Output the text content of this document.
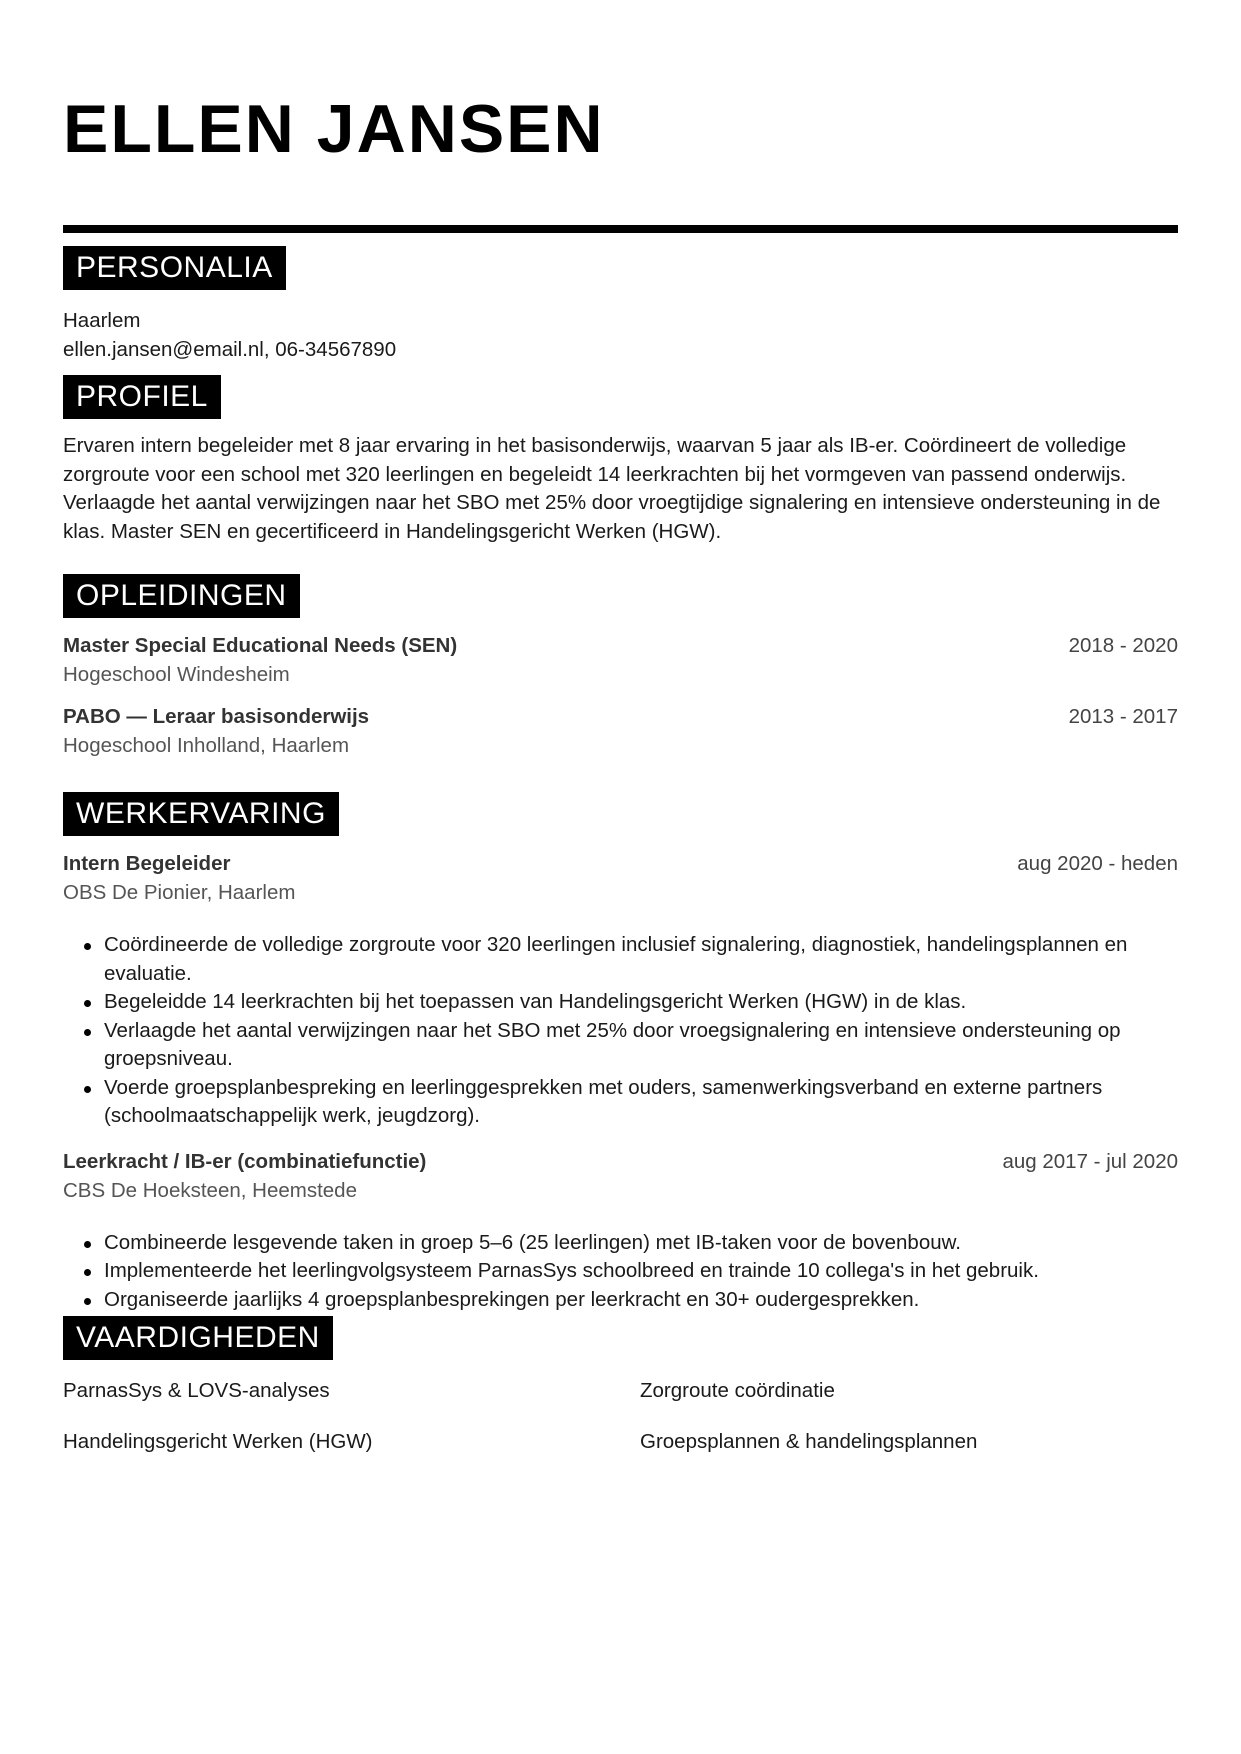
ELLEN JANSEN
PERSONALIA
Haarlem
ellen.jansen@email.nl, 06-34567890
PROFIEL
Ervaren intern begeleider met 8 jaar ervaring in het basisonderwijs, waarvan 5 jaar als IB-er. Coördineert de volledige zorgroute voor een school met 320 leerlingen en begeleidt 14 leerkrachten bij het vormgeven van passend onderwijs. Verlaagde het aantal verwijzingen naar het SBO met 25% door vroegtijdige signalering en intensieve ondersteuning in de klas. Master SEN en gecertificeerd in Handelingsgericht Werken (HGW).
OPLEIDINGEN
Master Special Educational Needs (SEN)	2018 - 2020
Hogeschool Windesheim
PABO — Leraar basisonderwijs	2013 - 2017
Hogeschool Inholland, Haarlem
WERKERVARING
Intern Begeleider	aug 2020 - heden
OBS De Pionier, Haarlem
Coördineerde de volledige zorgroute voor 320 leerlingen inclusief signalering, diagnostiek, handelingsplannen en evaluatie.
Begeleidde 14 leerkrachten bij het toepassen van Handelingsgericht Werken (HGW) in de klas.
Verlaagde het aantal verwijzingen naar het SBO met 25% door vroegsignalering en intensieve ondersteuning op groepsniveau.
Voerde groepsplanbespreking en leerlinggesprekken met ouders, samenwerkingsverband en externe partners (schoolmaatschappelijk werk, jeugdzorg).
Leerkracht / IB-er (combinatiefunctie)	aug 2017 - jul 2020
CBS De Hoeksteen, Heemstede
Combineerde lesgevende taken in groep 5–6 (25 leerlingen) met IB-taken voor de bovenbouw.
Implementeerde het leerlingvolgsysteem ParnasSys schoolbreed en trainde 10 collega's in het gebruik.
Organiseerde jaarlijks 4 groepsplanbesprekingen per leerkracht en 30+ oudergesprekken.
VAARDIGHEDEN
ParnasSys & LOVS-analyses	Zorgroute coördinatie
Handelingsgericht Werken (HGW)	Groepsplannen & handelingsplannen
